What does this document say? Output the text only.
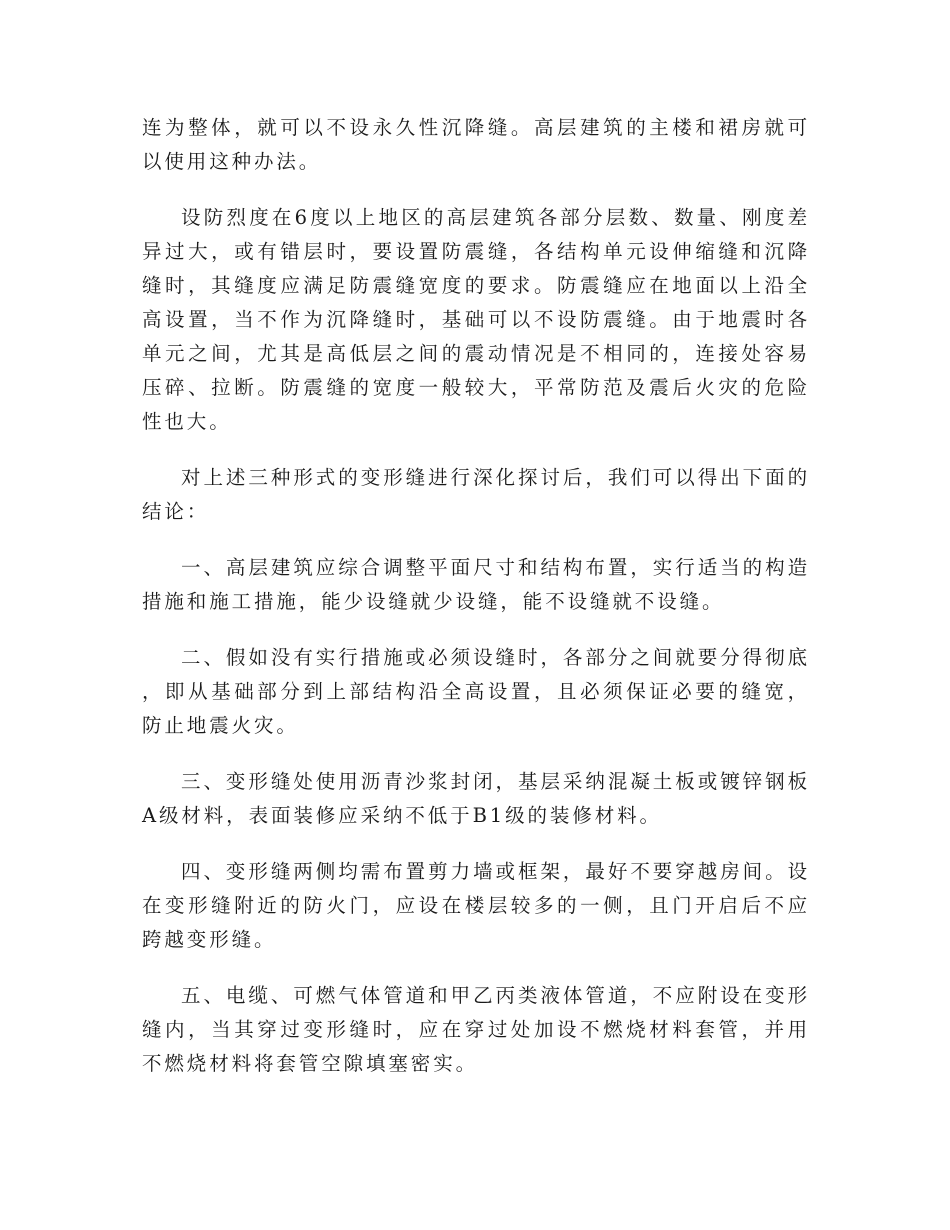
连为整体，就可以不设永久性沉降缝。高层建筑的主楼和裙房就可以使用这种办法。

设防烈度在6度以上地区的高层建筑各部分层数、数量、刚度差异过大，或有错层时，要设置防震缝，各结构单元设伸缩缝和沉降缝时，其缝度应满足防震缝宽度的要求。防震缝应在地面以上沿全高设置，当不作为沉降缝时，基础可以不设防震缝。由于地震时各单元之间，尤其是高低层之间的震动情况是不相同的，连接处容易压碎、拉断。防震缝的宽度一般较大，平常防范及震后火灾的危险性也大。

对上述三种形式的变形缝进行深化探讨后，我们可以得出下面的结论：

一、高层建筑应综合调整平面尺寸和结构布置，实行适当的构造措施和施工措施，能少设缝就少设缝，能不设缝就不设缝。

二、假如没有实行措施或必须设缝时，各部分之间就要分得彻底，即从基础部分到上部结构沿全高设置，且必须保证必要的缝宽，防止地震火灾。

三、变形缝处使用沥青沙浆封闭，基层采纳混凝土板或镀锌钢板A级材料，表面装修应采纳不低于B1级的装修材料。

四、变形缝两侧均需布置剪力墙或框架，最好不要穿越房间。设在变形缝附近的防火门，应设在楼层较多的一侧，且门开启后不应跨越变形缝。

五、电缆、可燃气体管道和甲乙丙类液体管道，不应附设在变形缝内，当其穿过变形缝时，应在穿过处加设不燃烧材料套管，并用不燃烧材料将套管空隙填塞密实。
